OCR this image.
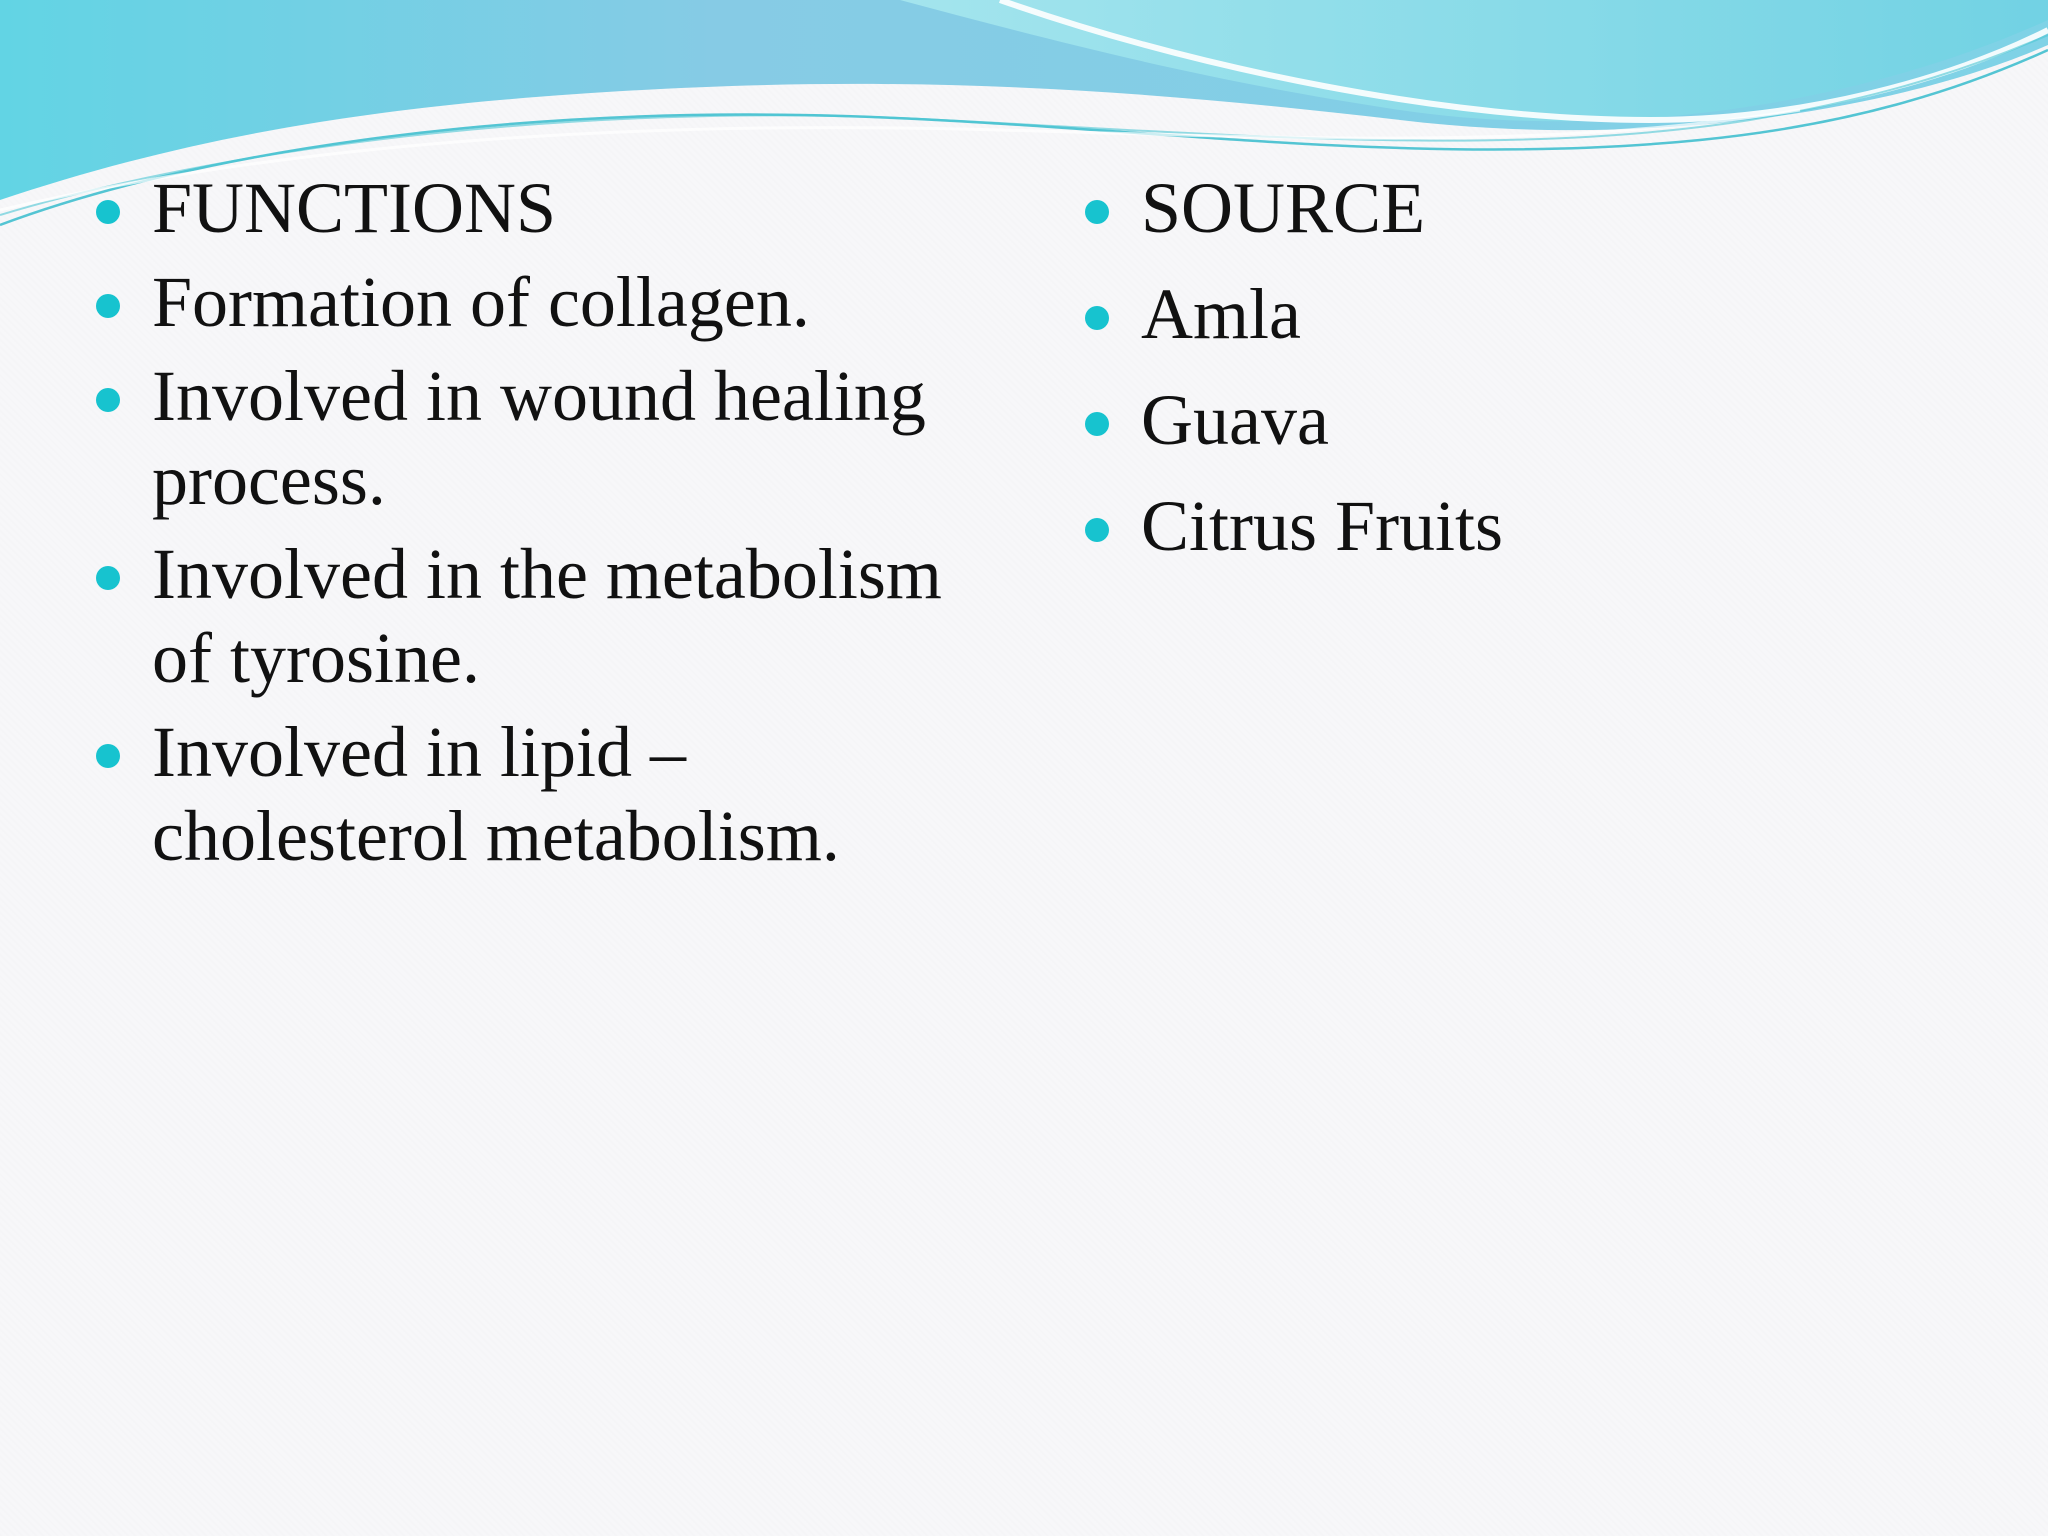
FUNCTIONS
Formation of collagen.
Involved in wound healing process.
Involved in the metabolism of tyrosine.
Involved in lipid – cholesterol metabolism.
SOURCE
Amla
Guava
Citrus Fruits
